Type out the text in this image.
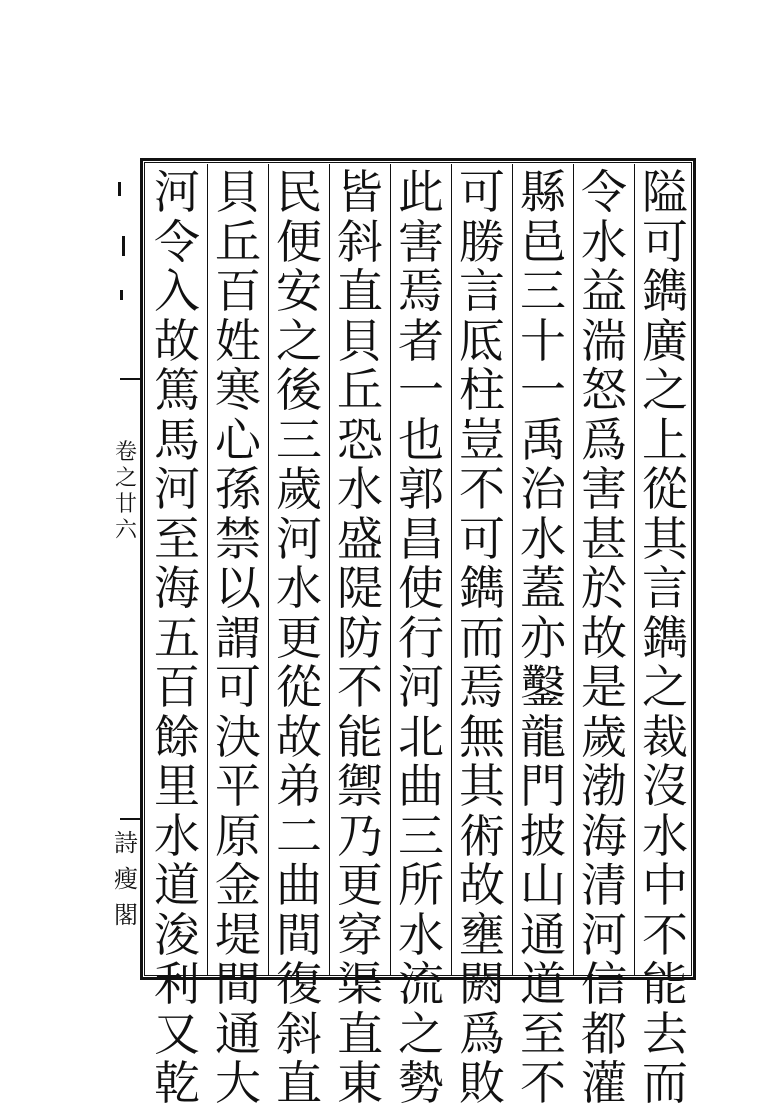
隘
可
鐫
廣
之
上
從
其
言
鐫
之
裁
沒
水
中
不
能
去
而
令
水
益
湍
怒
爲
害
甚
於
故
是
歲
渤
海
清
河
信
都
灌
縣
邑
三
十
一
禹
治
水
蓋
亦
鑿
龍
門
披
山
通
道
至
不
可
勝
言
厎
柱
豈
不
可
鐫
而
焉
無
其
術
故
壅
閼
爲
敗
此
害
焉
者
一
也
郭
昌
使
行
河
北
曲
三
所
水
流
之
勢
皆
斜
直
貝
丘
恐
水
盛
隄
防
不
能
禦
乃
更
穿
渠
直
東
民
便
安
之
後
三
歲
河
水
更
從
故
弟
二
曲
間
復
斜
直
貝
丘
百
姓
寒
心
孫
禁
以
謂
可
決
平
原
金
堤
間
通
大
河
令
入
故
篤
馬
河
至
海
五
百
餘
里
水
道
浚
利
又
乾
卷
之
廿
六
詩
瘦
閣
